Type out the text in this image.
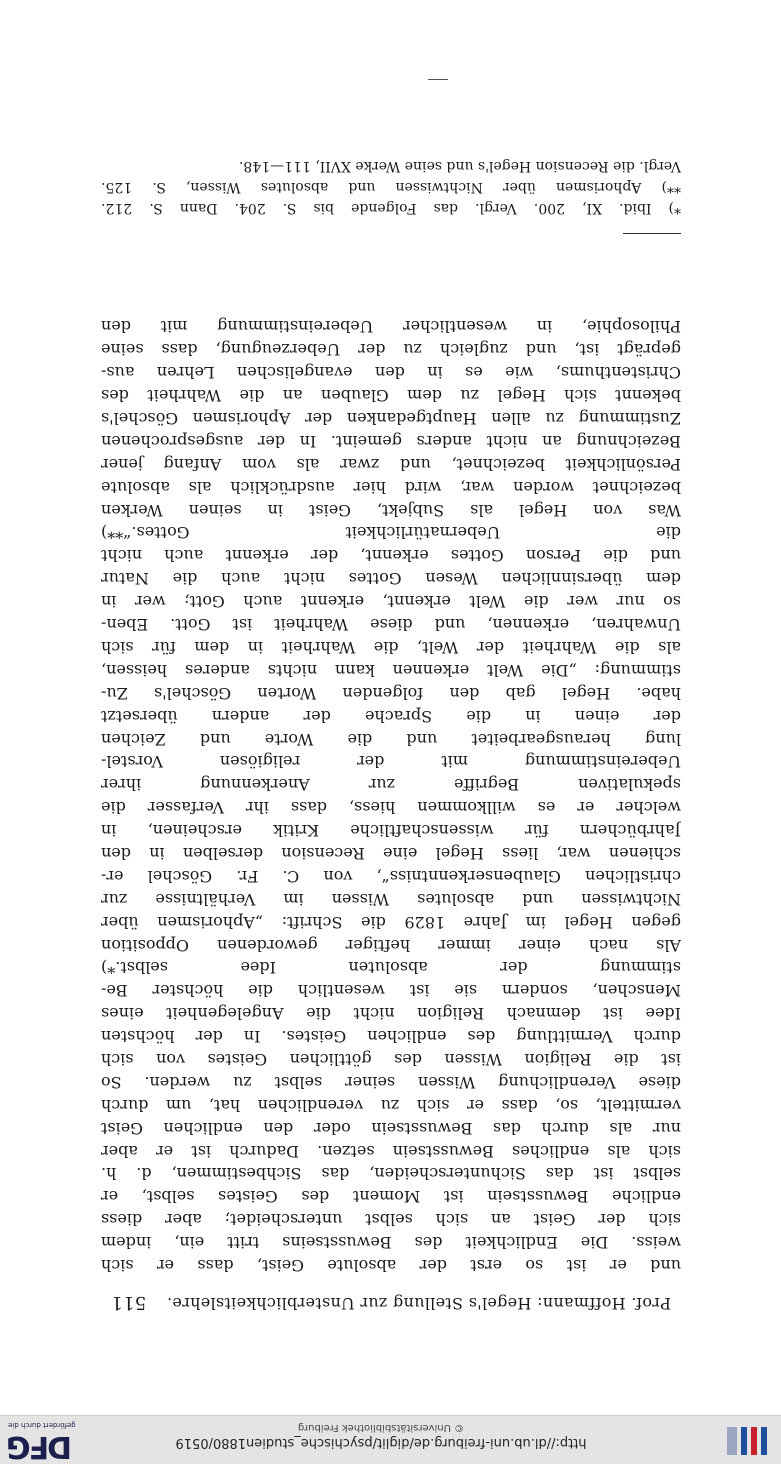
http://dl.ub.uni-freiburg.de/diglit/psychische_studien1880/0519
© Universitätsbibliothek Freiburg
DFG
gefördert durch die
Prof. Hoffmann: Hegel's Stellung zur Unsterblichkeitslehre.
511
und er ist so erst der absolute Geist, dass er sich
weiss. Die Endlichkeit des Bewusstseins tritt ein, indem
sich der Geist an sich selbst unterscheidet; aber diess
endliche Bewusstsein ist Moment des Geistes selbst, er
selbst ist das Sichunterscheiden, das Sichbestimmen, d. h.
sich als endliches Bewusstsein setzen. Dadurch ist er aber
nur als durch das Bewusstsein oder den endlichen Geist
vermittelt, so, dass er sich zu verendlichen hat, um durch
diese Verendlichung Wissen seiner selbst zu werden. So
ist die Religion Wissen des göttlichen Geistes von sich
durch Vermittlung des endlichen Geistes. In der höchsten
Idee ist demnach Religion nicht die Angelegenheit eines
Menschen, sondern sie ist wesentlich die höchster Be-
stimmung der absoluten Idee selbst.*)
Als nach einer immer heftiger gewordenen Opposition
gegen Hegel im Jahre 1829 die Schrift: „Aphorismen über
Nichtwissen und absolutes Wissen im Verhältnisse zur
christlichen Glaubenserkenntniss“, von C. Fr. Göschel er-
schienen war, liess Hegel eine Recension derselben in den
Jahrbüchern für wissenschaftliche Kritik erscheinen, in
welcher er es willkommen hiess, dass ihr Verfasser die
spekulativen Begriffe zur Anerkennung ihrer
Uebereinstimmung mit der religiösen Vorstel-
lung herausgearbeitet und die Worte und Zeichen
der einen in die Sprache der andern übersetzt
habe. Hegel gab den folgenden Worten Göschel's Zu-
stimmung: „Die Welt erkennen kann nichts anderes heissen,
als die Wahrheit der Welt, die Wahrheit in dem für sich
Unwahren, erkennen, und diese Wahrheit ist Gott. Eben-
so nur wer die Welt erkennt, erkennt auch Gott; wer in
dem übersinnlichen Wesen Gottes nicht auch die Natur
und die Person Gottes erkennt, der erkennt auch nicht
die Uebernatürlichkeit Gottes.“**)
Was von Hegel als Subjekt, Geist in seinen Werken
bezeichnet worden war, wird hier ausdrücklich als absolute
Persönlichkeit bezeichnet, und zwar als vom Anfang jener
Bezeichnung an nicht anders gemeint. In der ausgesprochenen
Zustimmung zu allen Hauptgedanken der Aphorismen Göschel's
bekennt sich Hegel zu dem Glauben an die Wahrheit des
Christenthums, wie es in den evangelischen Lehren aus-
geprägt ist, und zugleich zu der Ueberzeugung, dass seine
Philosophie, in wesentlicher Uebereinstimmung mit den
*) Ibid. XI, 200. Vergl. das Folgende bis S. 204. Dann S. 212.
**) Aphorismen über Nichtwissen und absolutes Wissen, S. 125.
Vergl. die Recension Hegel's und seine Werke XVII, 111—148.
